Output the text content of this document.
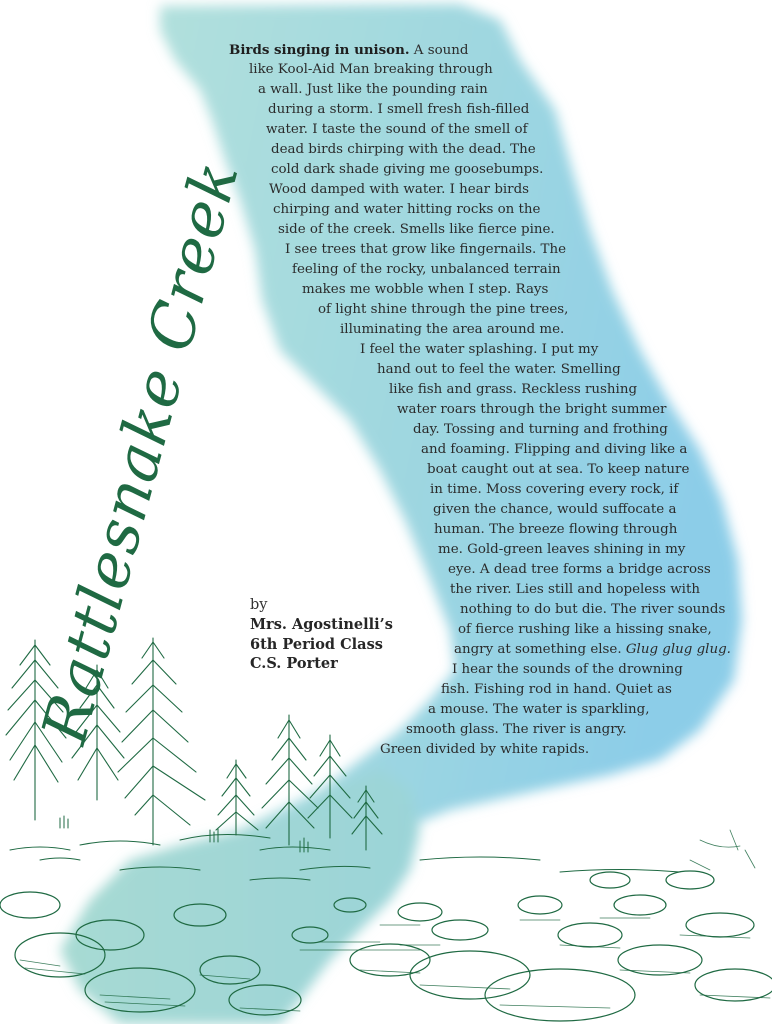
Rattlesnake Creek
Birds singing in unison. A sound
like Kool-Aid Man breaking through
a wall. Just like the pounding rain
during a storm. I smell fresh fish-filled
water. I taste the sound of the smell of
dead birds chirping with the dead. The
cold dark shade giving me goosebumps.
Wood damped with water. I hear birds
chirping and water hitting rocks on the
side of the creek. Smells like fierce pine.
I see trees that grow like fingernails. The
feeling of the rocky, unbalanced terrain
makes me wobble when I step. Rays
of light shine through the pine trees,
illuminating the area around me.
I feel the water splashing. I put my
hand out to feel the water. Smelling
like fish and grass. Reckless rushing
water roars through the bright summer
day. Tossing and turning and frothing
and foaming. Flipping and diving like a
boat caught out at sea. To keep nature
in time. Moss covering every rock, if
given the chance, would suffocate a
human. The breeze flowing through
me. Gold-green leaves shining in my
eye. A dead tree forms a bridge across
the river. Lies still and hopeless with
nothing to do but die. The river sounds
of fierce rushing like a hissing snake,
angry at something else. Glug glug glug.
I hear the sounds of the drowning
fish. Fishing rod in hand. Quiet as
a mouse. The water is sparkling,
smooth glass. The river is angry.
Green divided by white rapids.
by
Mrs. Agostinelli’s
6th Period Class
C.S. Porter
